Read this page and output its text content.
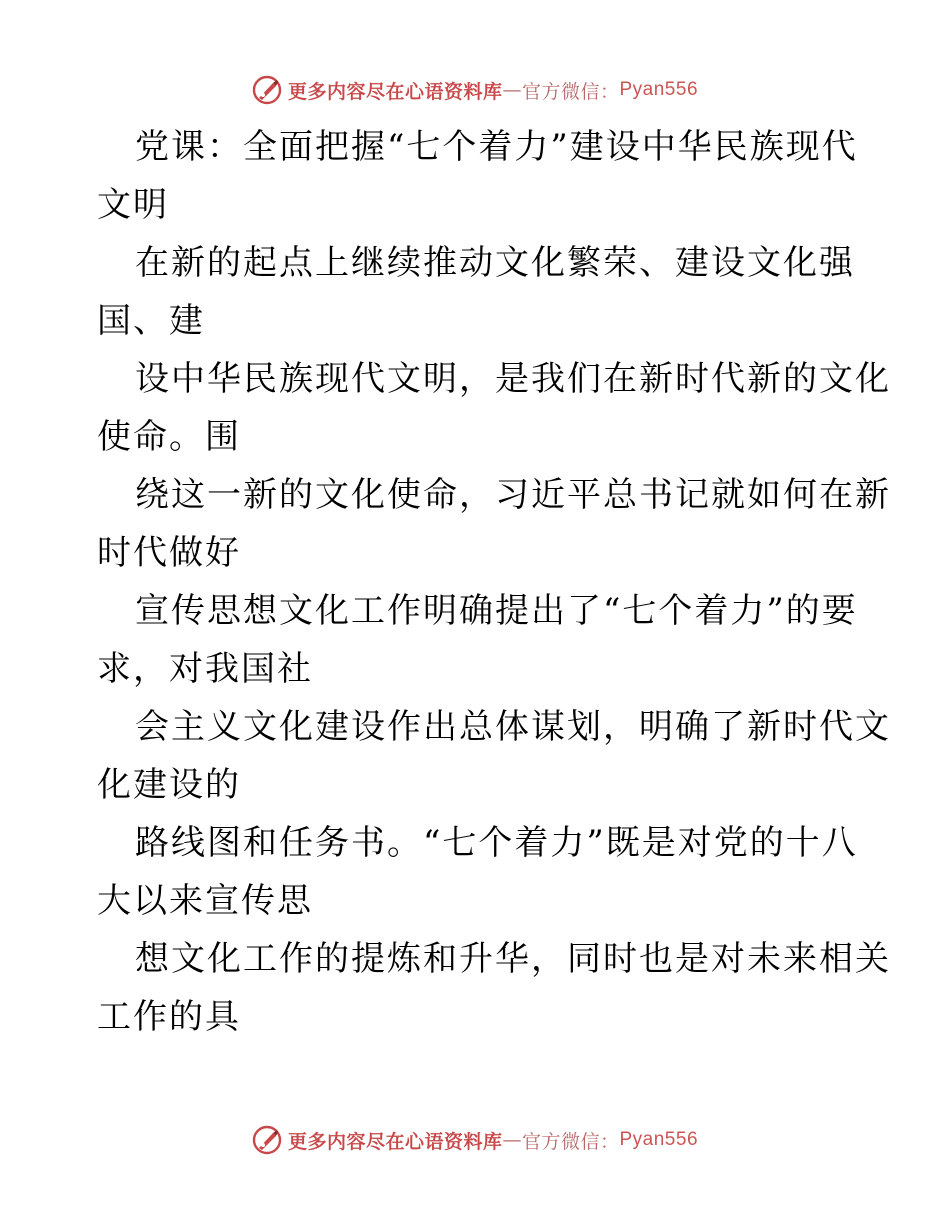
更多内容尽在心语资料库 — 官方微信： Pyan556

党课：全面把握“七个着力”建设中华民族现代
文明

在新的起点上继续推动文化繁荣、建设文化强
国、建

设中华民族现代文明，是我们在新时代新的文化
使命。围

绕这一新的文化使命，习近平总书记就如何在新
时代做好

宣传思想文化工作明确提出了“七个着力”的要
求，对我国社

会主义文化建设作出总体谋划，明确了新时代文
化建设的

路线图和任务书。“七个着力”既是对党的十八
大以来宣传思

想文化工作的提炼和升华，同时也是对未来相关
工作的具

更多内容尽在心语资料库 — 官方微信： Pyan556
